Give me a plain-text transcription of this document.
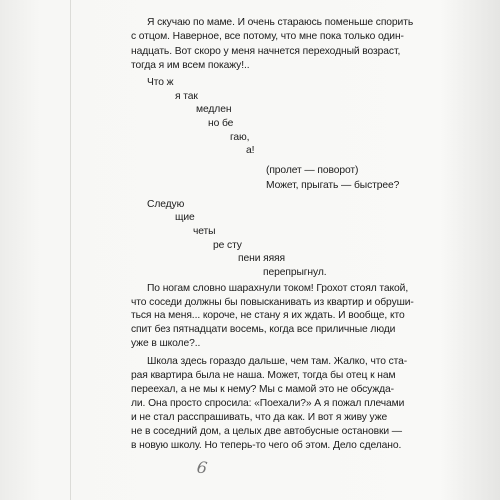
Я скучаю по маме. И очень стараюсь поменьше спорить
с отцом. Наверное, все потому, что мне пока только один-
надцать. Вот скоро у меня начнется переходный возраст,
тогда я им всем покажу!..
Что ж
я так
медлен
но бе
гаю,
а!
(пролет — поворот)
Может, прыгать — быстрее?
Следую
щие
четы
ре сту
пени яяяя
перепрыгнул.
По ногам словно шарахнули током! Грохот стоял такой,
что соседи должны бы повысканивать из квартир и обруши-
ться на меня... короче, не стану я их ждать. И вообще, кто
спит без пятнадцати восемь, когда все приличные люди
уже в школе?..
Школа здесь гораздо дальше, чем там. Жалко, что ста-
рая квартира была не наша. Может, тогда бы отец к нам
переехал, а не мы к нему? Мы с мамой это не обсужда-
ли. Она просто спросила: «Поехали?» А я пожал плечами
и не стал расспрашивать, что да как. И вот я живу уже
не в соседний дом, а целых две автобусные остановки —
в новую школу. Но теперь-то чего об этом. Дело сделано.
6
